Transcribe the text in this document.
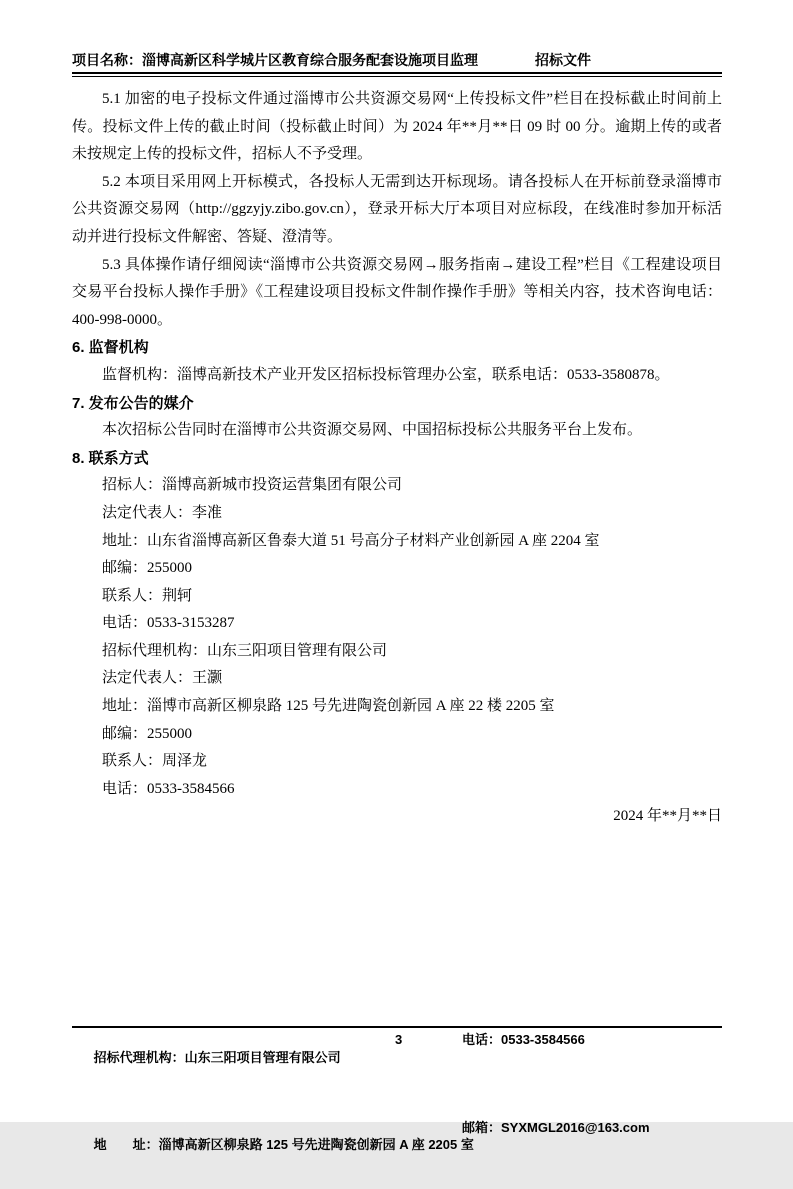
项目名称：淄博高新区科学城片区教育综合服务配套设施项目监理	招标文件

5.1 加密的电子投标文件通过淄博市公共资源交易网“上传投标文件”栏目在投标截止时间前上传。投标文件上传的截止时间（投标截止时间）为 2024 年**月**日 09 时 00 分。逾期上传的或者未按规定上传的投标文件，招标人不予受理。

5.2 本项目采用网上开标模式，各投标人无需到达开标现场。请各投标人在开标前登录淄博市公共资源交易网（http://ggzyjy.zibo.gov.cn），登录开标大厅本项目对应标段，在线准时参加开标活动并进行投标文件解密、答疑、澄清等。

5.3 具体操作请仔细阅读“淄博市公共资源交易网→服务指南→建设工程”栏目《工程建设项目交易平台投标人操作手册》《工程建设项目投标文件制作操作手册》等相关内容，技术咨询电话：400-998-0000。

6. 监督机构

监督机构：淄博高新技术产业开发区招标投标管理办公室，联系电话：0533-3580878。

7. 发布公告的媒介

本次招标公告同时在淄博市公共资源交易网、中国招标投标公共服务平台上发布。

8. 联系方式
招标人：淄博高新城市投资运营集团有限公司
法定代表人：李准
地址：山东省淄博高新区鲁泰大道 51 号高分子材料产业创新园 A 座 2204 室
邮编：255000
联系人：荆轲
电话：0533-3153287
招标代理机构：山东三阳项目管理有限公司
法定代表人：王灏
地址：淄博市高新区柳泉路 125 号先进陶瓷创新园 A 座 22 楼 2205 室
邮编：255000
联系人：周泽龙
电话：0533-3584566
2024 年**月**日

招标代理机构：山东三阳项目管理有限公司

3

	电话：0533-3584566

地　　址：淄博高新区柳泉路 125 号先进陶瓷创新园 A 座 2205 室

邮箱：SYXMGL2016@163.com
